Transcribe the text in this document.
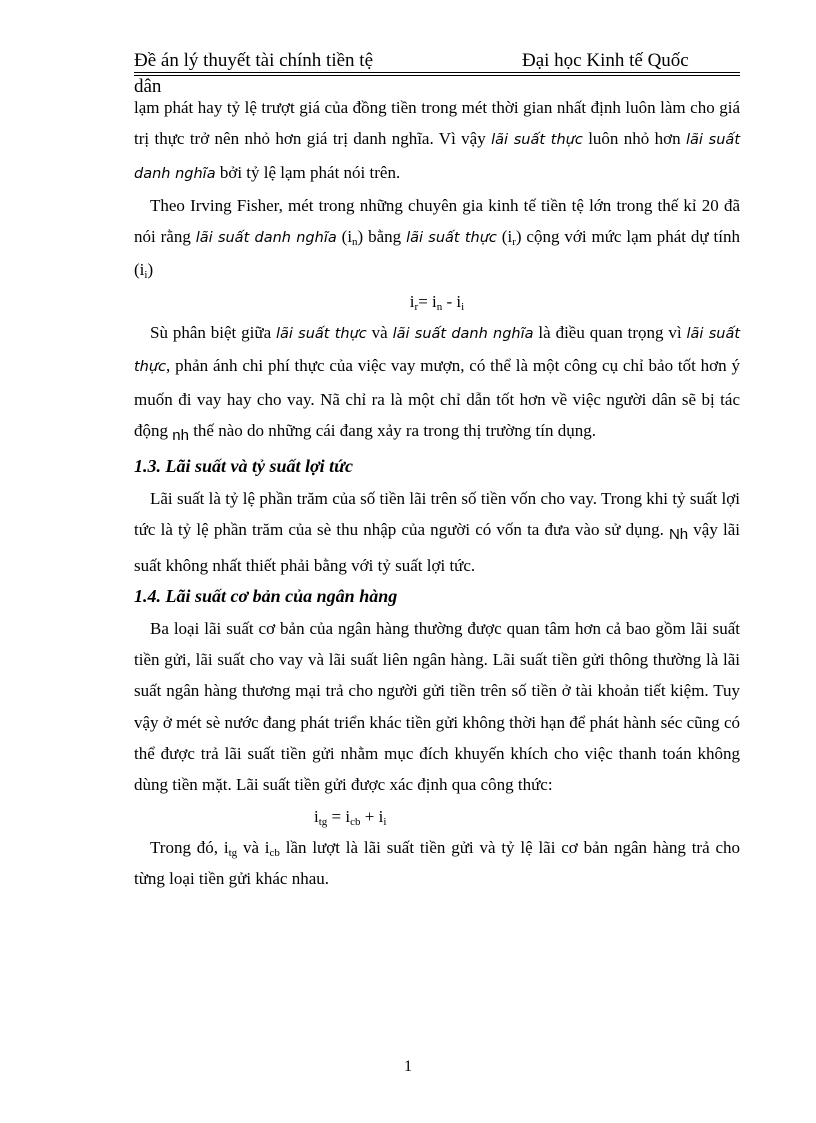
Đề án lý thuyết tài chính tiền tệ	Đại học Kinh tế Quốc
dân

lạm phát hay tỷ lệ trượt giá của đồng tiền trong mét thời gian nhất định luôn làm cho giá trị thực trở nên nhỏ hơn giá trị danh nghĩa. Vì vậy lãi suất thực luôn nhỏ hơn lãi suất danh nghĩa bởi tỷ lệ lạm phát nói trên.

Theo Irving Fisher, mét trong những chuyên gia kinh tế tiền tệ lớn trong thế kỉ 20 đã nói rằng lãi suất danh nghĩa $(i_n)$ bằng lãi suất thực $(i_r)$ cộng với mức lạm phát dự tính $(i_i)$

$i_r= i_n - i_i$

Sù phân biệt giữa lãi suất thực và lãi suất danh nghĩa là điều quan trọng vì lãi suất thực, phản ánh chi phí thực của việc vay mượn, có thể là một công cụ chỉ bảo tốt hơn ý muốn đi vay hay cho vay. Nã chỉ ra là một chỉ dẫn tốt hơn về việc người dân sẽ bị tác động nh thế nào do những cái đang xảy ra trong thị trường tín dụng.

1.3. Lãi suất và tỷ suất lợi tức

Lãi suất là tỷ lệ phần trăm của số tiền lãi trên số tiền vốn cho vay. Trong khi tỷ suất lợi tức là tỷ lệ phần trăm của sè thu nhập của người có vốn ta đưa vào sử dụng. Nh vậy lãi suất không nhất thiết phải bằng với tỷ suất lợi tức.

1.4. Lãi suất cơ bản của ngân hàng

Ba loại lãi suất cơ bản của ngân hàng thường được quan tâm hơn cả bao gồm lãi suất tiền gửi, lãi suất cho vay và lãi suất liên ngân hàng. Lãi suất tiền gửi thông thường là lãi suất ngân hàng thương mại trả cho người gửi tiền trên số tiền ở tài khoản tiết kiệm. Tuy vậy ở mét sè nước đang phát triển khác tiền gửi không thời hạn để phát hành séc cũng có thể được trả lãi suất tiền gửi nhằm mục đích khuyến khích cho việc thanh toán không dùng tiền mặt. Lãi suất tiền gửi được xác định qua công thức:

$i_{tg} = i_{cb} + i_i$

Trong đó, $i_{tg}$ và $i_{cb}$ lần lượt là lãi suất tiền gửi và tỷ lệ lãi cơ bản ngân hàng trả cho từng loại tiền gửi khác nhau.

1
